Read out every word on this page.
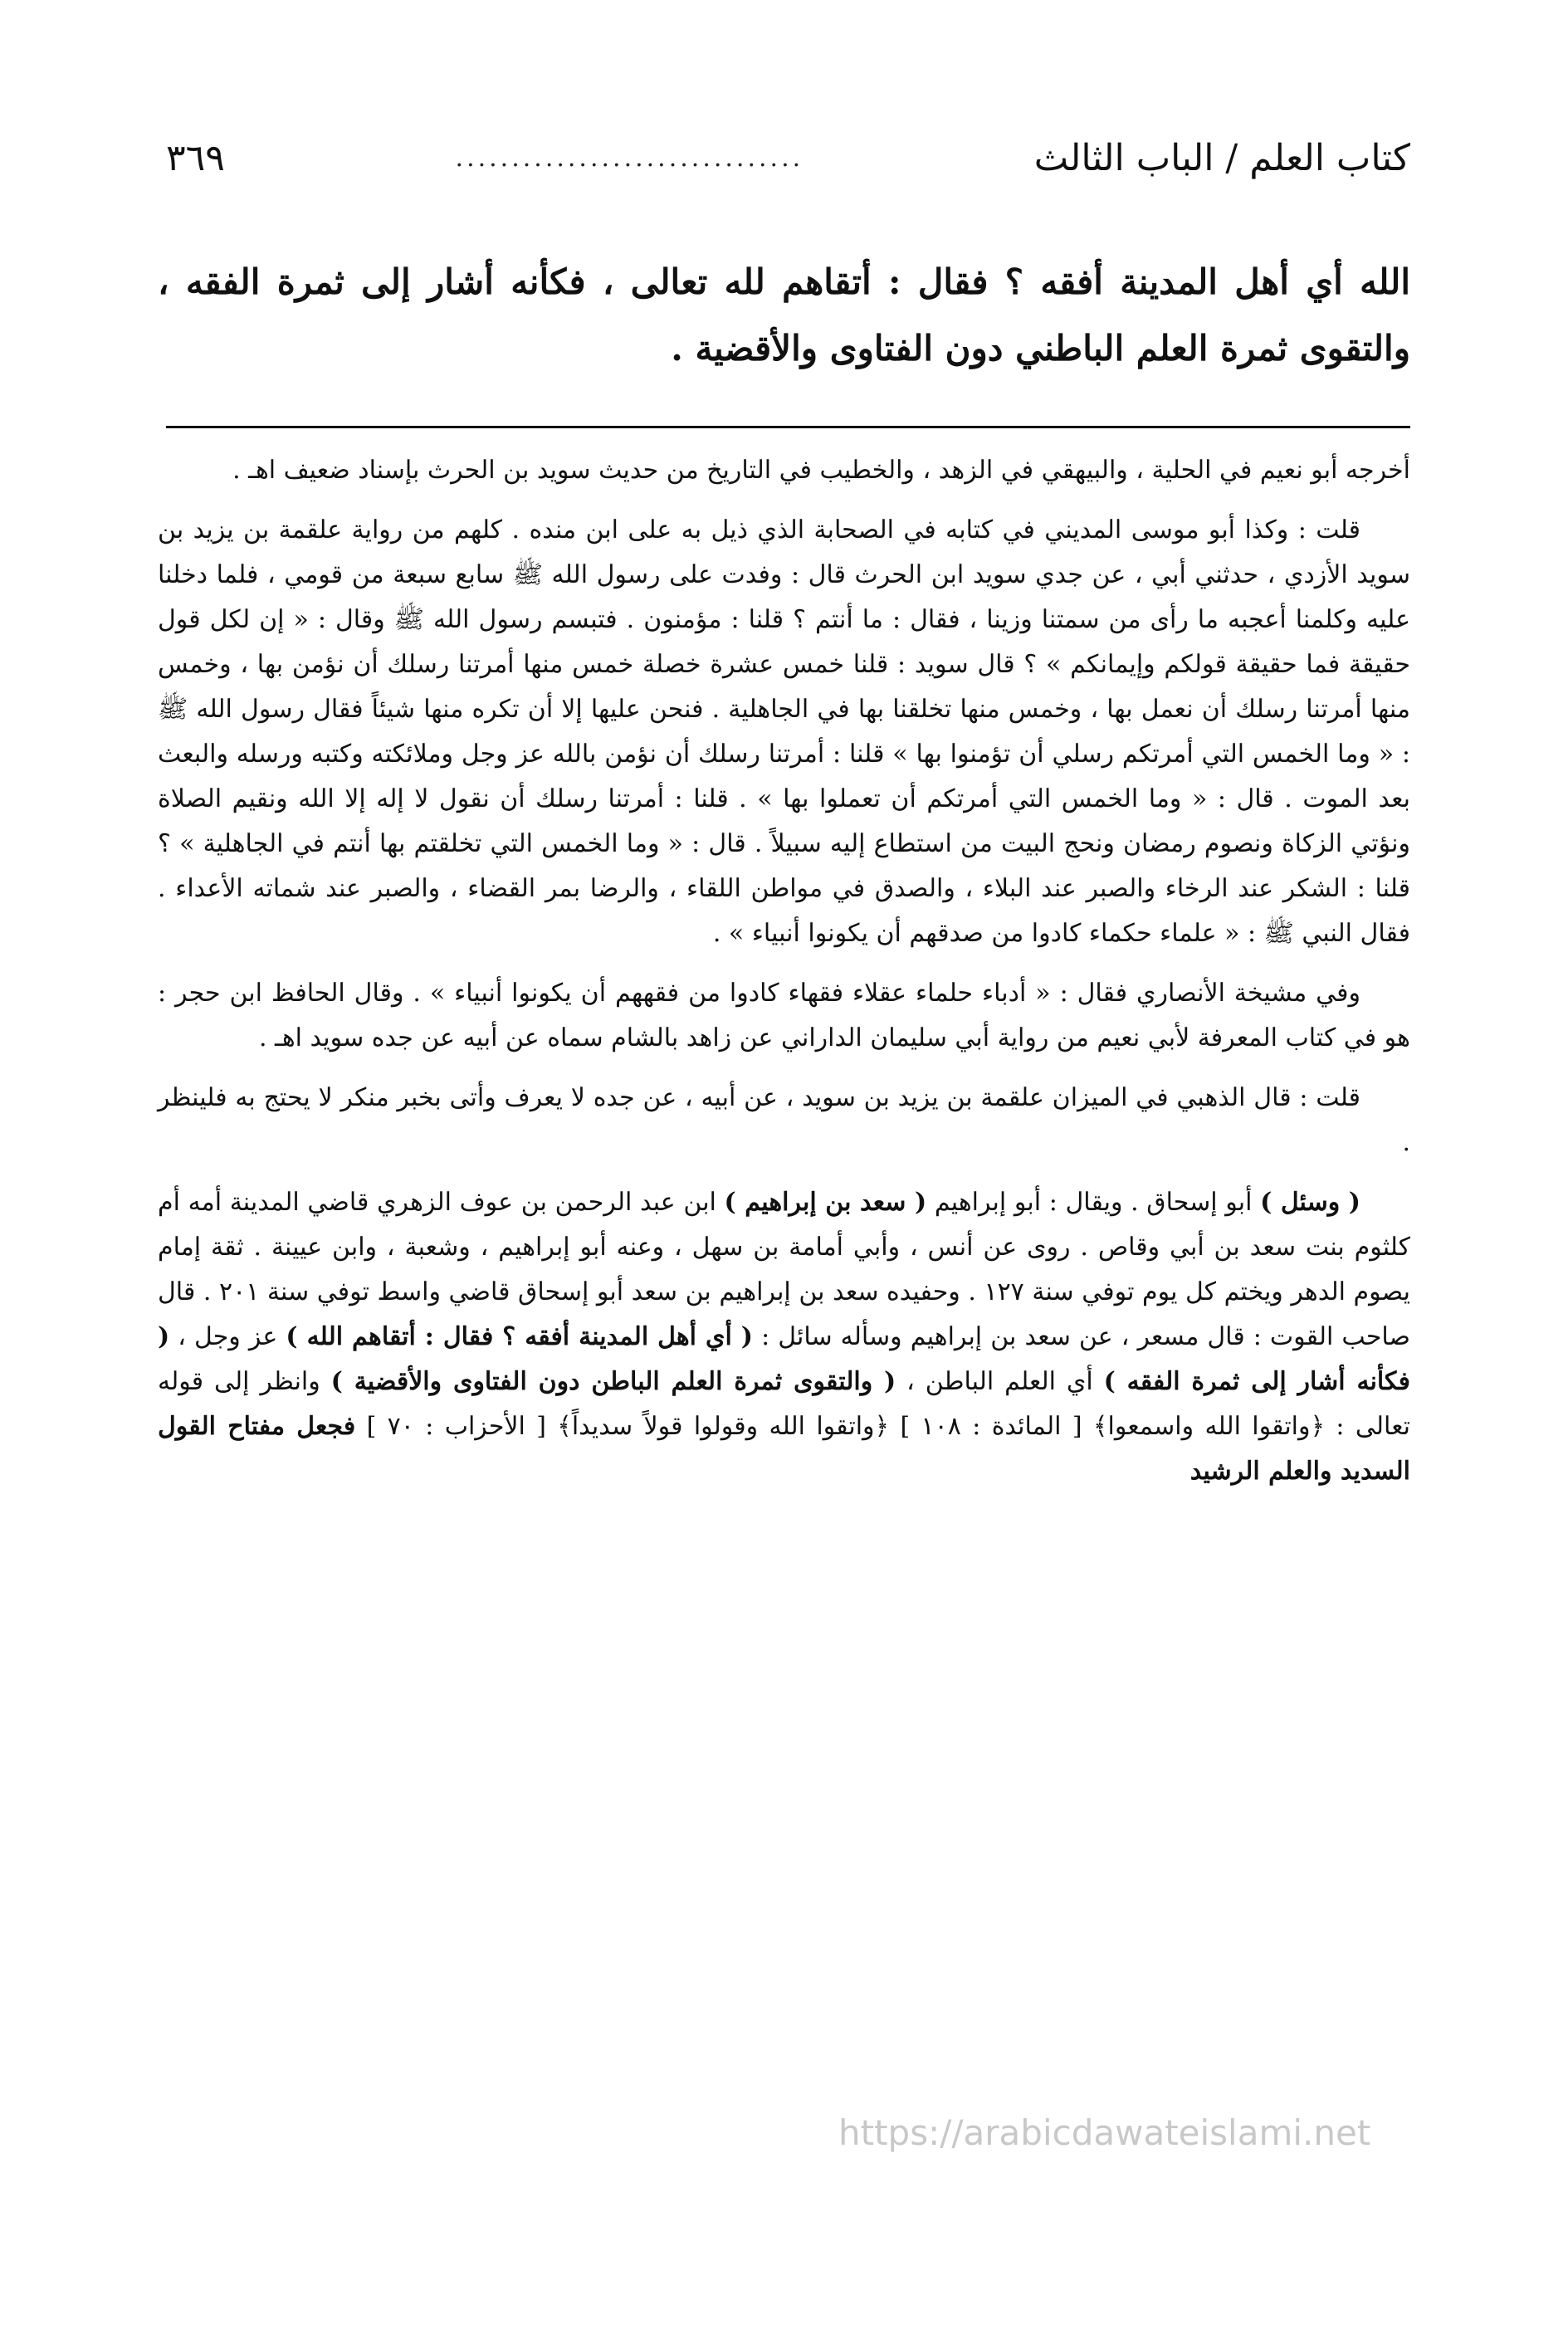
كتاب العلم / الباب الثالث
...............................
٣٦٩
الله أي أهل المدينة أفقه ؟ فقال : أتقاهم لله تعالى ، فكأنه أشار إلى ثمرة الفقه ، والتقوى ثمرة العلم الباطني دون الفتاوى والأقضية .

أخرجه أبو نعيم في الحلية ، والبيهقي في الزهد ، والخطيب في التاريخ من حديث سويد بن الحرث بإسناد ضعيف اهـ .

قلت : وكذا أبو موسى المديني في كتابه في الصحابة الذي ذيل به على ابن منده . كلهم من رواية علقمة بن يزيد بن سويد الأزدي ، حدثني أبي ، عن جدي سويد ابن الحرث قال : وفدت على رسول الله ﷺ سابع سبعة من قومي ، فلما دخلنا عليه وكلمنا أعجبه ما رأى من سمتنا وزينا ، فقال : ما أنتم ؟ قلنا : مؤمنون . فتبسم رسول الله ﷺ وقال : « إن لكل قول حقيقة فما حقيقة قولكم وإيمانكم » ؟ قال سويد : قلنا خمس عشرة خصلة خمس منها أمرتنا رسلك أن نؤمن بها ، وخمس منها أمرتنا رسلك أن نعمل بها ، وخمس منها تخلقنا بها في الجاهلية . فنحن عليها إلا أن تكره منها شيئاً فقال رسول الله ﷺ : « وما الخمس التي أمرتكم رسلي أن تؤمنوا بها » قلنا : أمرتنا رسلك أن نؤمن بالله عز وجل وملائكته وكتبه ورسله والبعث بعد الموت . قال : « وما الخمس التي أمرتكم أن تعملوا بها » . قلنا : أمرتنا رسلك أن نقول لا إله إلا الله ونقيم الصلاة ونؤتي الزكاة ونصوم رمضان ونحج البيت من استطاع إليه سبيلاً . قال : « وما الخمس التي تخلقتم بها أنتم في الجاهلية » ؟ قلنا : الشكر عند الرخاء والصبر عند البلاء ، والصدق في مواطن اللقاء ، والرضا بمر القضاء ، والصبر عند شماته الأعداء . فقال النبي ﷺ : « علماء حكماء كادوا من صدقهم أن يكونوا أنبياء » .

وفي مشيخة الأنصاري فقال : « أدباء حلماء عقلاء فقهاء كادوا من فقههم أن يكونوا أنبياء » . وقال الحافظ ابن حجر : هو في كتاب المعرفة لأبي نعيم من رواية أبي سليمان الداراني عن زاهد بالشام سماه عن أبيه عن جده سويد اهـ .

قلت : قال الذهبي في الميزان علقمة بن يزيد بن سويد ، عن أبيه ، عن جده لا يعرف وأتى بخبر منكر لا يحتج به فلينظر .

( وسئل ) أبو إسحاق . ويقال : أبو إبراهيم ( سعد بن إبراهيم ) ابن عبد الرحمن بن عوف الزهري قاضي المدينة أمه أم كلثوم بنت سعد بن أبي وقاص . روى عن أنس ، وأبي أمامة بن سهل ، وعنه أبو إبراهيم ، وشعبة ، وابن عيينة . ثقة إمام يصوم الدهر ويختم كل يوم توفي سنة ١٢٧ . وحفيده سعد بن إبراهيم بن سعد أبو إسحاق قاضي واسط توفي سنة ٢٠١ . قال صاحب القوت : قال مسعر ، عن سعد بن إبراهيم وسأله سائل : ( أي أهل المدينة أفقه ؟ فقال : أتقاهم الله ) عز وجل ، ( فكأنه أشار إلى ثمرة الفقه ) أي العلم الباطن ، ( والتقوى ثمرة العلم الباطن دون الفتاوى والأقضية ) وانظر إلى قوله تعالى : ﴿واتقوا الله واسمعوا﴾ [ المائدة : ١٠٨ ] ﴿واتقوا الله وقولوا قولاً سديداً﴾ [ الأحزاب : ٧٠ ] فجعل مفتاح القول السديد والعلم الرشيد

https://arabicdawateislami.net
